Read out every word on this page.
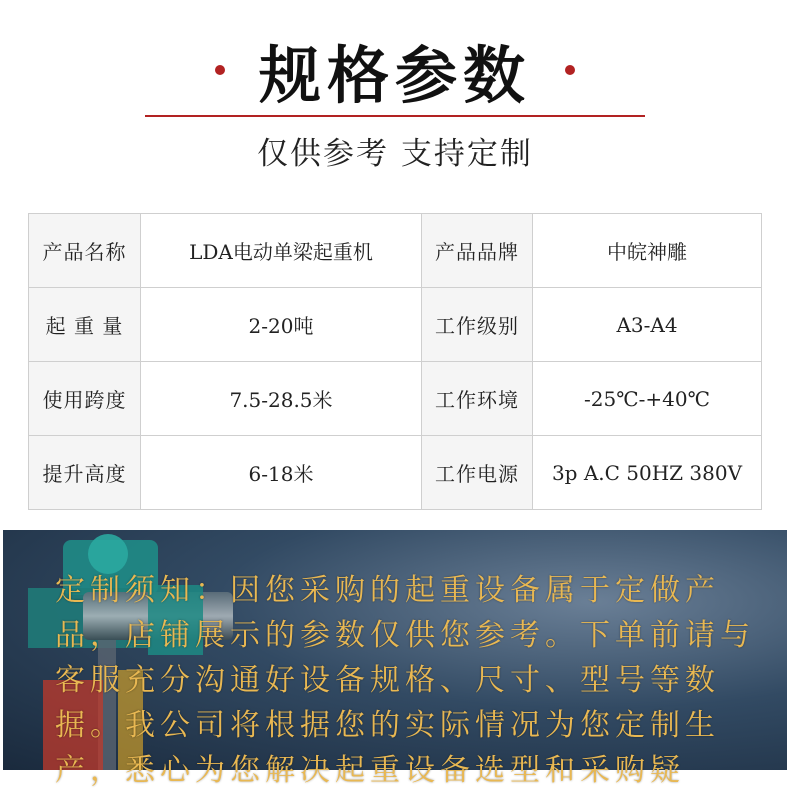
规格参数
仅供参考 支持定制
产品名称	LDA电动单梁起重机	产品品牌	中皖神雕
起 重 量	2-20吨	工作级别	A3-A4
使用跨度	7.5-28.5米	工作环境	-25℃-+40℃
提升高度	6-18米	工作电源	3p A.C 50HZ 380V
定制须知：因您采购的起重设备属于定做产品，店铺展示的参数仅供您参考。下单前请与客服充分沟通好设备规格、尺寸、型号等数据。我公司将根据您的实际情况为您定制生产，悉心为您解决起重设备选型和采购疑
